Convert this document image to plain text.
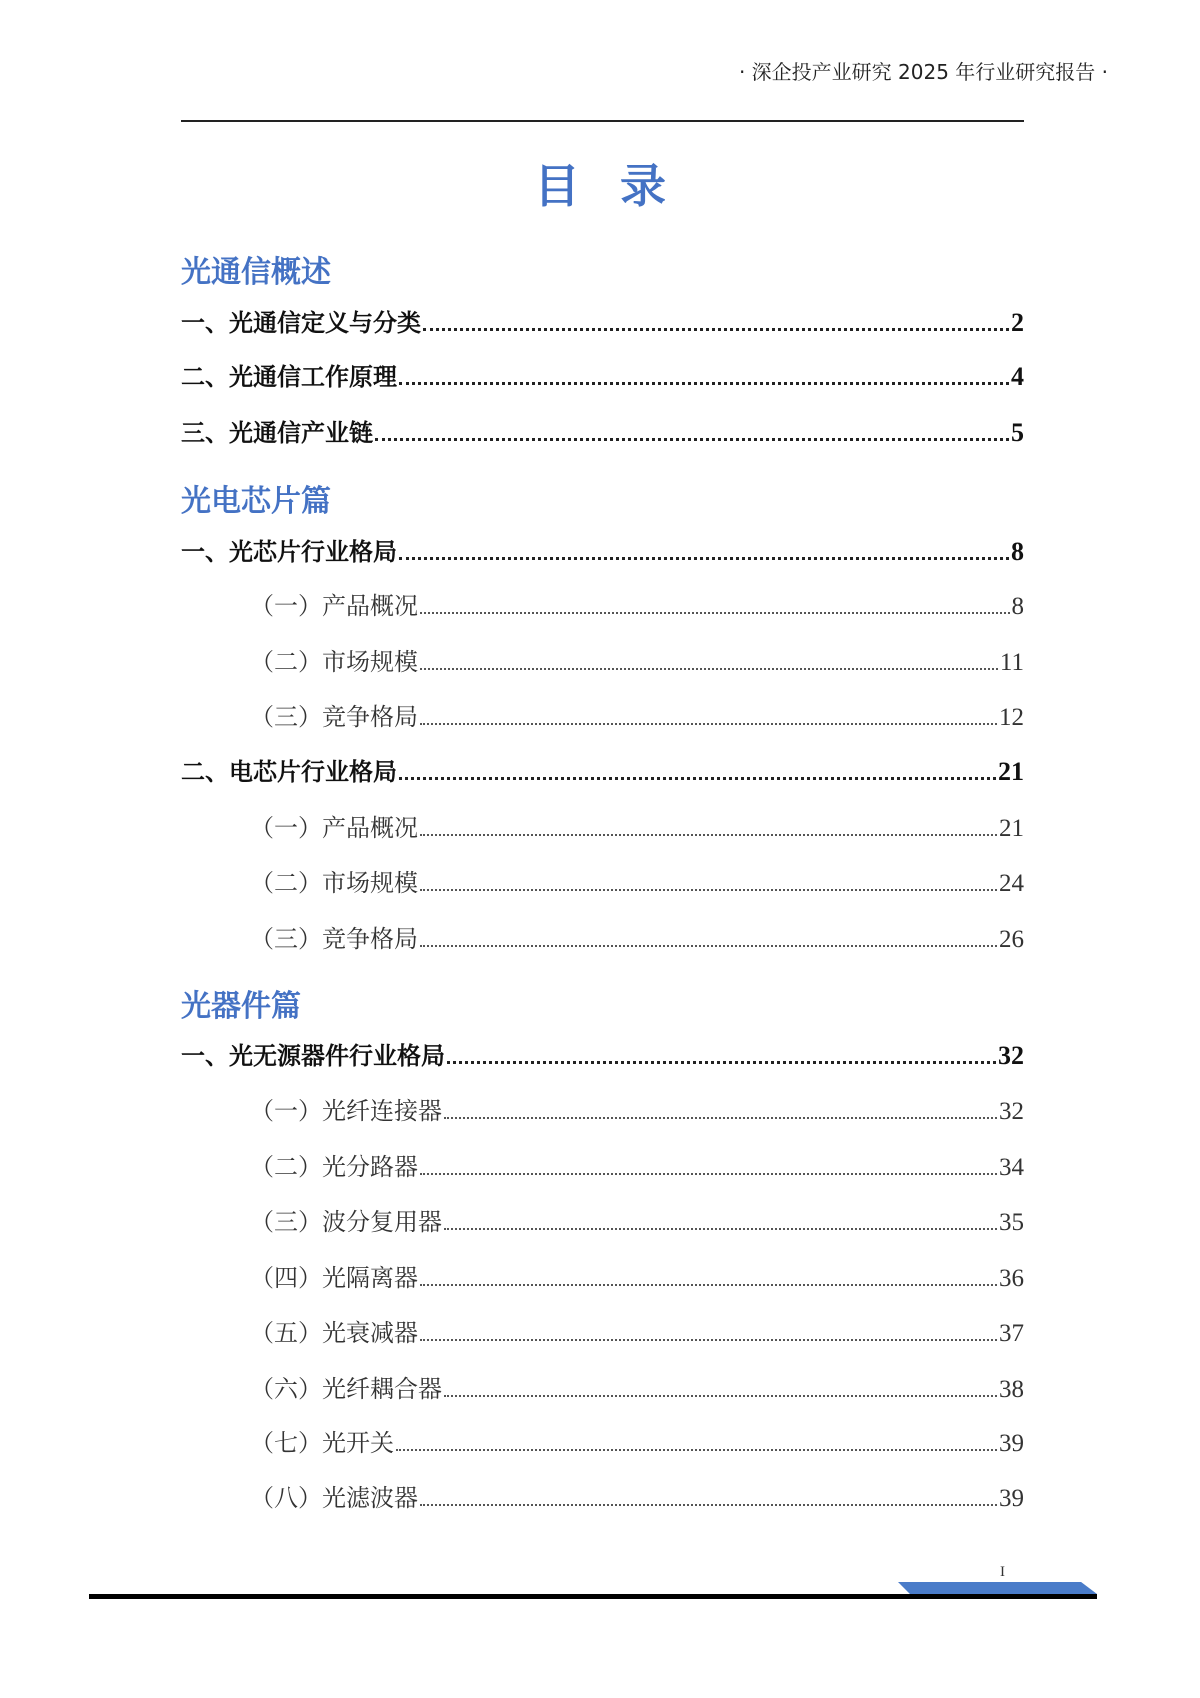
· 深企投产业研究 2025 年行业研究报告 ·
目录
光通信概述
一、光通信定义与分类	2
二、光通信工作原理	4
三、光通信产业链	5
光电芯片篇
一、光芯片行业格局	8
（一）产品概况	8
（二）市场规模	11
（三）竞争格局	12
二、电芯片行业格局	21
（一）产品概况	21
（二）市场规模	24
（三）竞争格局	26
光器件篇
一、光无源器件行业格局	32
（一）光纤连接器	32
（二）光分路器	34
（三）波分复用器	35
（四）光隔离器	36
（五）光衰减器	37
（六）光纤耦合器	38
（七）光开关	39
（八）光滤波器	39
I
